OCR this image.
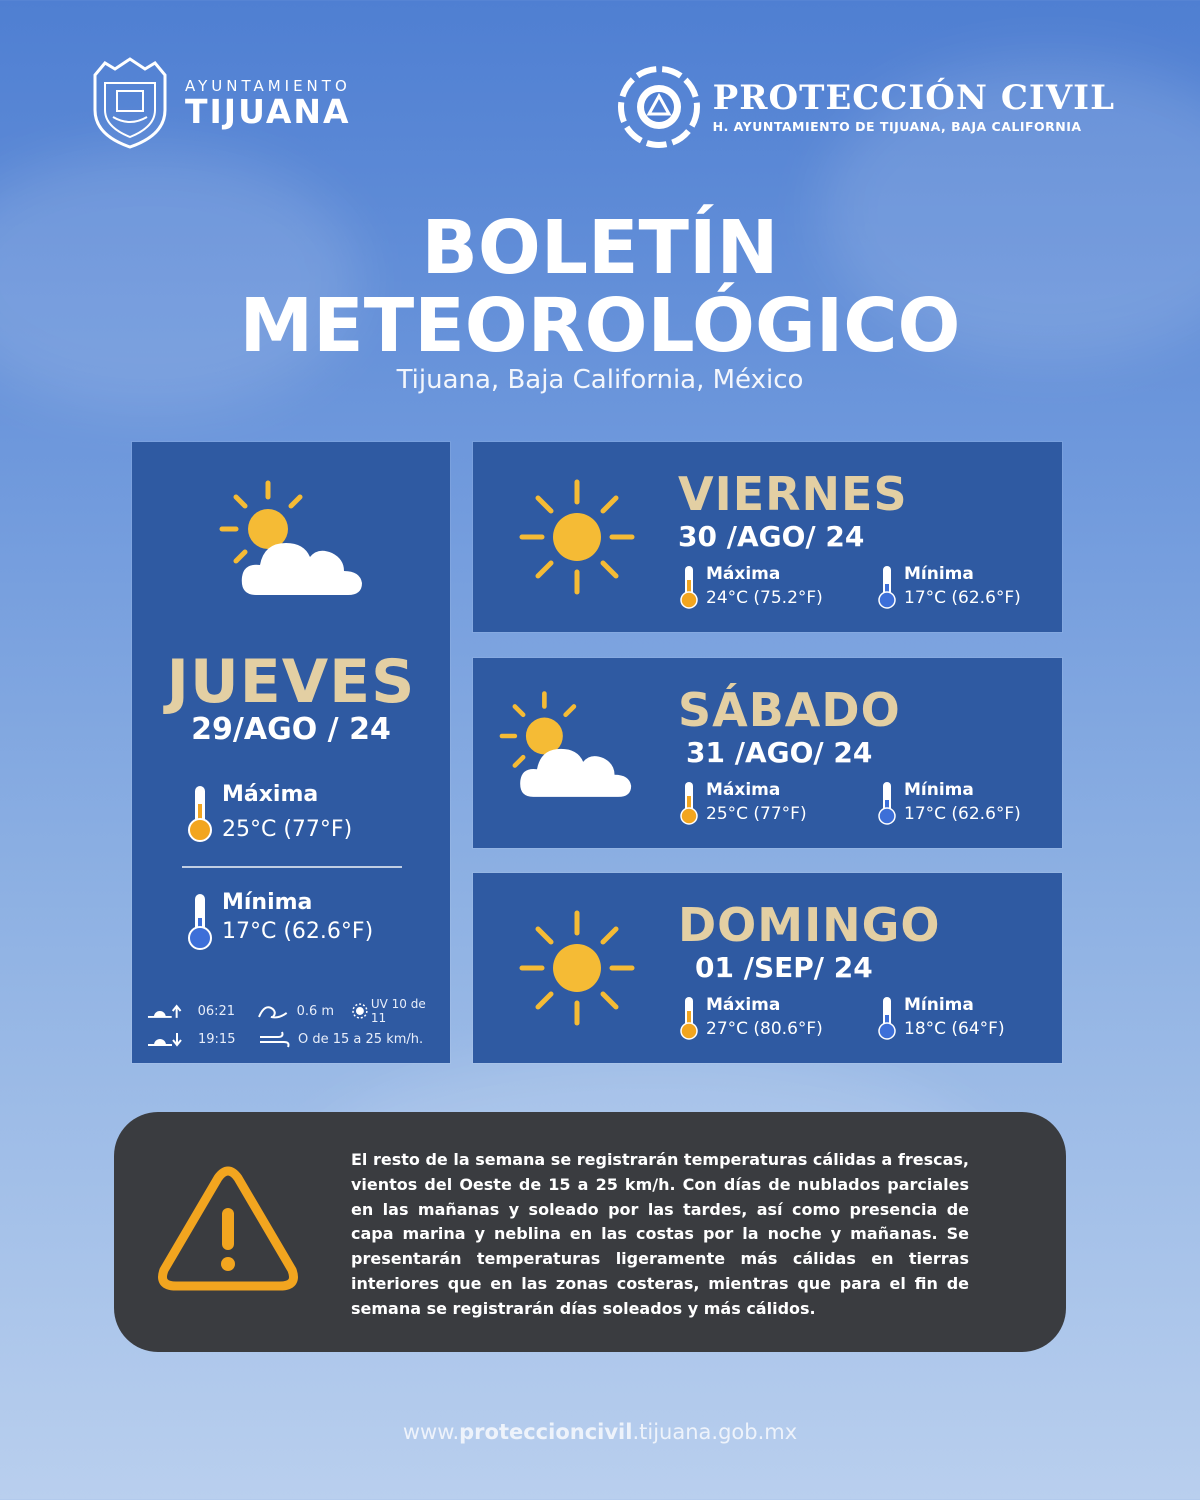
AYUNTAMIENTO
TIJUANA	PROTECCIÓN CIVIL
H. AYUNTAMIENTO DE TIJUANA, BAJA CALIFORNIA
BOLETÍN
METEOROLÓGICO
Tijuana, Baja California, México
JUEVES
29/AGO / 24
Máxima
25°C (77°F)
Mínima
17°C (62.6°F)
06:21	0.6 m	UV 10 de 11
19:15	O de 15 a 25 km/h.
VIERNES
30 /AGO/ 24
Máxima
24°C (75.2°F)
Mínima
17°C (62.6°F)
SÁBADO
31 /AGO/ 24
Máxima
25°C (77°F)
Mínima
17°C (62.6°F)
DOMINGO
01 /SEP/ 24
Máxima
27°C (80.6°F)
Mínima
18°C (64°F)
El resto de la semana se registrarán temperaturas cálidas a frescas, vientos del Oeste de 15 a 25 km/h. Con días de nublados parciales en las mañanas y soleado por las tardes, así como presencia de capa marina y neblina en las costas por la noche y mañanas. Se presentarán temperaturas ligeramente más cálidas en tierras interiores que en las zonas costeras, mientras que para el fin de semana se registrarán días soleados y más cálidos.
www.proteccioncivil.tijuana.gob.mx
